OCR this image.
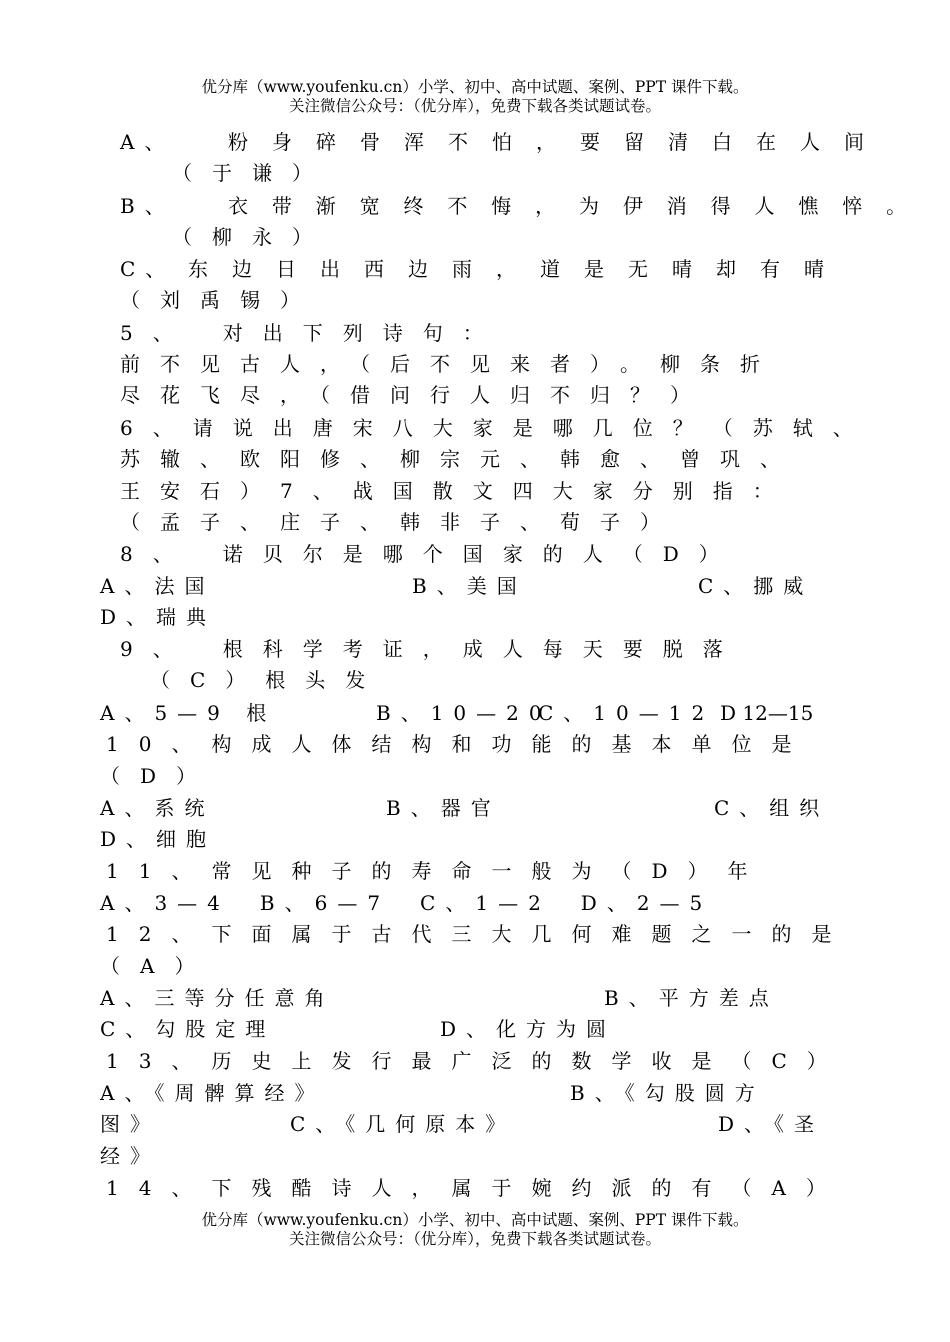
优分库（www.youfenku.cn）小学、初中、高中试题、案例、PPT 课件下载。
关注微信公众号：（优分库），免费下载各类试题试卷。
A、	粉身碎骨浑不怕，要留清白在人间
（于谦）
B、	衣带渐宽终不悔，为伊消得人憔悴。
（柳永）
C、 东边日出西边雨，道是无晴却有晴
（刘禹锡）
5、　对出下列诗句：
前不见古人，（后不见来者）。柳条折
尽花飞尽，（借问行人归不归？）
6、请说出唐宋八大家是哪几位？（苏轼、
苏辙、欧阳修、柳宗元、韩愈、曾巩、
王安石）7、战国散文四大家分别指：
（孟子、庄子、韩非子、荀子）
8、　诺贝尔是哪个国家的人（D）
A、法国	B、美国	C、挪威
D、瑞典
9、　根科学考证，成人每天要脱落
（C）根头发
A、5—9 根	B、10—20
C、10—12 D 12—15
10、构成人体结构和功能的基本单位是
（D）
A、系统	B、器官	C、组织
D、细胞
11、常见种子的寿命一般为（D）年
A、3—4　B、6—7　C、1—2　D、2—5
12、下面属于古代三大几何难题之一的是
（A）
A、三等分任意角	B、平方差点
C、勾股定理	D、化方为圆
13、历史上发行最广泛的数学收是（C）
A、《周髀算经》	B、《勾股圆方
图》	C、《几何原本》	D、《圣
经》
14、下残酷诗人，属于婉约派的有（A）
优分库（www.youfenku.cn）小学、初中、高中试题、案例、PPT 课件下载。
关注微信公众号：（优分库），免费下载各类试题试卷。
